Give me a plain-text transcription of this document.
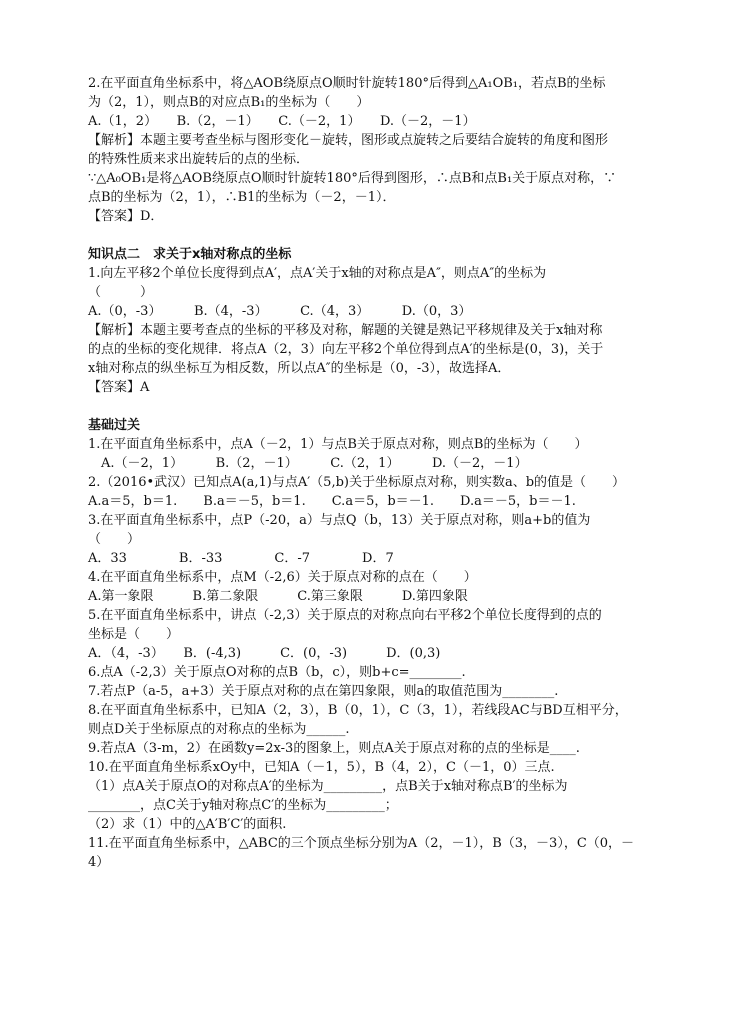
2.在平面直角坐标系中，将△AOB绕原点O顺时针旋转180°后得到△A₁OB₁，若点B的坐标
为（2，1），则点B的对应点B₁的坐标为（　　）
A.（1，2）　　B.（2，－1）　　C.（－2，1）　　D.（－2，－1）
【解析】本题主要考查坐标与图形变化－旋转，图形或点旋转之后要结合旋转的角度和图形
的特殊性质来求出旋转后的点的坐标．
∵△A₀OB₁是将△AOB绕原点O顺时针旋转180°后得到图形，∴点B和点B₁关于原点对称，∵
点B的坐标为（2，1），∴B1的坐标为（－2，－1）．
【答案】D．
知识点二　求关于x轴对称点的坐标
1.向左平移2个单位长度得到点A′，点A′关于x轴的对称点是A″，则点A″的坐标为
（　　　）
A.（0，-3）　　　B.（4，-3）　　　C.（4，3）　　　D.（0，3）
【解析】本题主要考查点的坐标的平移及对称，解题的关键是熟记平移规律及关于x轴对称
的点的坐标的变化规律．将点A（2，3）向左平移2个单位得到点A′的坐标是(0，3)，关于
x轴对称点的纵坐标互为相反数，所以点A″的坐标是（0，-3），故选择A．
【答案】A
基础过关
1.在平面直角坐标系中，点A（－2，1）与点B关于原点对称，则点B的坐标为（　　）
　A.（－2，1）　　　B.（2，－1）　　　C.（2，1）　　　D.（－2，－1）
2.（2016•武汉）已知点A(a,1)与点A′（5,b)关于坐标原点对称，则实数a、b的值是（　　）
A.a＝5，b＝1.　　B.a＝－5，b＝1.　　C.a＝5，b＝－1.　　D.a＝－5，b＝－1.
3.在平面直角坐标系中，点P（-20，a）与点Q（b，13）关于原点对称，则a+b的值为
（　　）
A．33　　　　B．-33　　　　C．-7　　　　D．7
4.在平面直角坐标系中，点M（-2,6）关于原点对称的点在（　　）
A.第一象限　　　B.第二象限　　　C.第三象限　　　D.第四象限
5.在平面直角坐标系中，讲点（-2,3）关于原点的对称点向右平移2个单位长度得到的点的
坐标是（　　）
A．（4，-3）　　B．(-4,3)　　　C．(0，-3)　　　D．(0,3)
6.点A（-2,3）关于原点O对称的点B（b，c），则b+c=________.
7.若点P（a-5，a+3）关于原点对称的点在第四象限，则a的取值范围为________.
8.在平面直角坐标系中，已知A（2，3），B（0，1），C（3，1），若线段AC与BD互相平分，
则点D关于坐标原点的对称点的坐标为______.
9.若点A（3-m，2）在函数y=2x-3的图象上，则点A关于原点对称的点的坐标是____.
10.在平面直角坐标系xOy中，已知A（－1，5），B（4，2），C（－1，0）三点.
（1）点A关于原点O的对称点A′的坐标为_________，点B关于x轴对称点B′的坐标为
________，点C关于y轴对称点C′的坐标为_________；
（2）求（1）中的△A′B′C′的面积.
11.在平面直角坐标系中，△ABC的三个顶点坐标分别为A（2，－1），B（3，－3），C（0，－
4）
